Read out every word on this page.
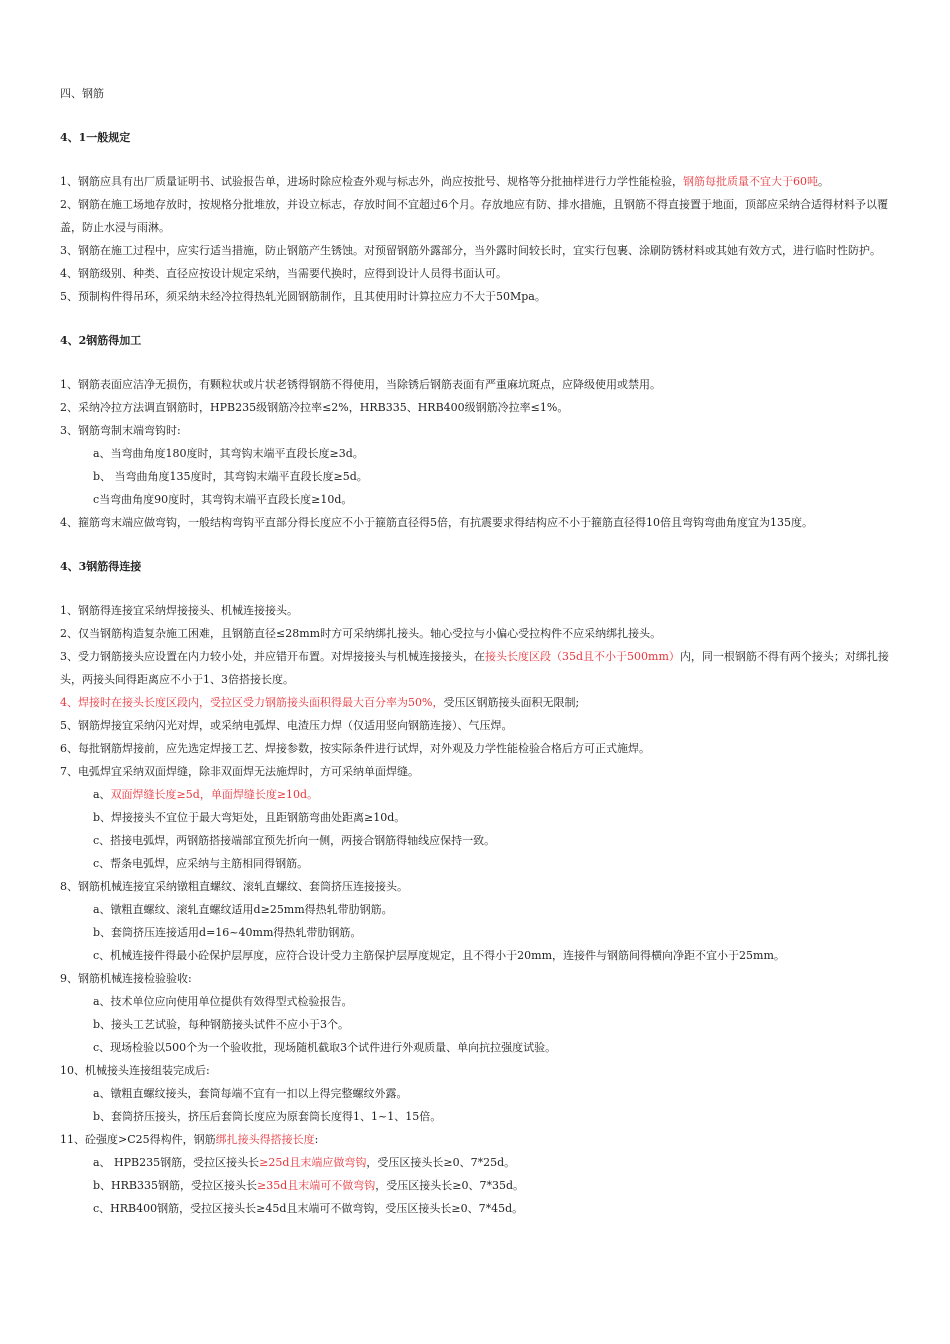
四、钢筋
4、1一般规定
1、钢筋应具有出厂质量证明书、试验报告单，进场时除应检查外观与标志外，尚应按批号、规格等分批抽样进行力学性能检验，钢筋每批质量不宜大于60吨。
2、钢筋在施工场地存放时，按规格分批堆放，并设立标志，存放时间不宜超过6个月。存放地应有防、排水措施，且钢筋不得直接置于地面，顶部应采纳合适得材料予以覆盖，防止水浸与雨淋。
3、钢筋在施工过程中，应实行适当措施，防止钢筋产生锈蚀。对预留钢筋外露部分，当外露时间较长时，宜实行包裹、涂刷防锈材料或其她有效方式，进行临时性防护。
4、钢筋级别、种类、直径应按设计规定采纳，当需要代换时，应得到设计人员得书面认可。
5、预制构件得吊环，须采纳未经冷拉得热轧光圆钢筋制作，且其使用时计算拉应力不大于50Mpa。
4、2钢筋得加工
1、钢筋表面应洁净无损伤，有颗粒状或片状老锈得钢筋不得使用，当除锈后钢筋表面有严重麻坑斑点，应降级使用或禁用。
2、采纳冷拉方法调直钢筋时，HPB235级钢筋冷拉率≤2%，HRB335、HRB400级钢筋冷拉率≤1%。
3、钢筋弯制末端弯钩时:
a、当弯曲角度180度时，其弯钩末端平直段长度≥3d。
b、 当弯曲角度135度时，其弯钩末端平直段长度≥5d。
c当弯曲角度90度时，其弯钩末端平直段长度≥10d。
4、箍筋弯末端应做弯钩，一般结构弯钩平直部分得长度应不小于箍筋直径得5倍，有抗震要求得结构应不小于箍筋直径得10倍且弯钩弯曲角度宜为135度。
4、3钢筋得连接
1、钢筋得连接宜采纳焊接接头、机械连接接头。
2、仅当钢筋构造复杂施工困难，且钢筋直径≤28mm时方可采纳绑扎接头。轴心受拉与小偏心受拉构件不应采纳绑扎接头。
3、受力钢筋接头应设置在内力较小处，并应错开布置。对焊接接头与机械连接接头，在接头长度区段（35d且不小于500mm）内，同一根钢筋不得有两个接头；对绑扎接头，两接头间得距离应不小于1、3倍搭接长度。
4、焊接时在接头长度区段内，受拉区受力钢筋接头面积得最大百分率为50%，受压区钢筋接头面积无限制;
5、钢筋焊接宜采纳闪光对焊，或采纳电弧焊、电渣压力焊（仅适用竖向钢筋连接）、气压焊。
6、每批钢筋焊接前，应先选定焊接工艺、焊接参数，按实际条件进行试焊，对外观及力学性能检验合格后方可正式施焊。
7、电弧焊宜采纳双面焊缝，除非双面焊无法施焊时，方可采纳单面焊缝。
a、双面焊缝长度≥5d，单面焊缝长度≥10d。
b、焊接接头不宜位于最大弯矩处，且距钢筋弯曲处距离≥10d。
c、搭接电弧焊，两钢筋搭接端部宜预先折向一侧，两接合钢筋得轴线应保持一致。
c、帮条电弧焊，应采纳与主筋相同得钢筋。
8、钢筋机械连接宜采纳镦粗直螺纹、滚轧直螺纹、套筒挤压连接接头。
a、镦粗直螺纹、滚轧直螺纹适用d≥25mm得热轧带肋钢筋。
b、套筒挤压连接适用d=16~40mm得热轧带肋钢筋。
c、机械连接件得最小砼保护层厚度，应符合设计受力主筋保护层厚度规定，且不得小于20mm，连接件与钢筋间得横向净距不宜小于25mm。
9、钢筋机械连接检验验收:
a、技术单位应向使用单位提供有效得型式检验报告。
b、接头工艺试验，每种钢筋接头试件不应小于3个。
c、现场检验以500个为一个验收批，现场随机截取3个试件进行外观质量、单向抗拉强度试验。
10、机械接头连接组装完成后:
a、镦粗直螺纹接头，套筒每端不宜有一扣以上得完整螺纹外露。
b、套筒挤压接头，挤压后套筒长度应为原套筒长度得1、1~1、15倍。
11、砼强度>C25得构件，钢筋绑扎接头得搭接长度:
a、 HPB235钢筋，受拉区接头长≥25d且末端应做弯钩，受压区接头长≥0、7*25d。
b、HRB335钢筋，受拉区接头长≥35d且末端可不做弯钩，受压区接头长≥0、7*35d。
c、HRB400钢筋，受拉区接头长≥45d且末端可不做弯钩，受压区接头长≥0、7*45d。
